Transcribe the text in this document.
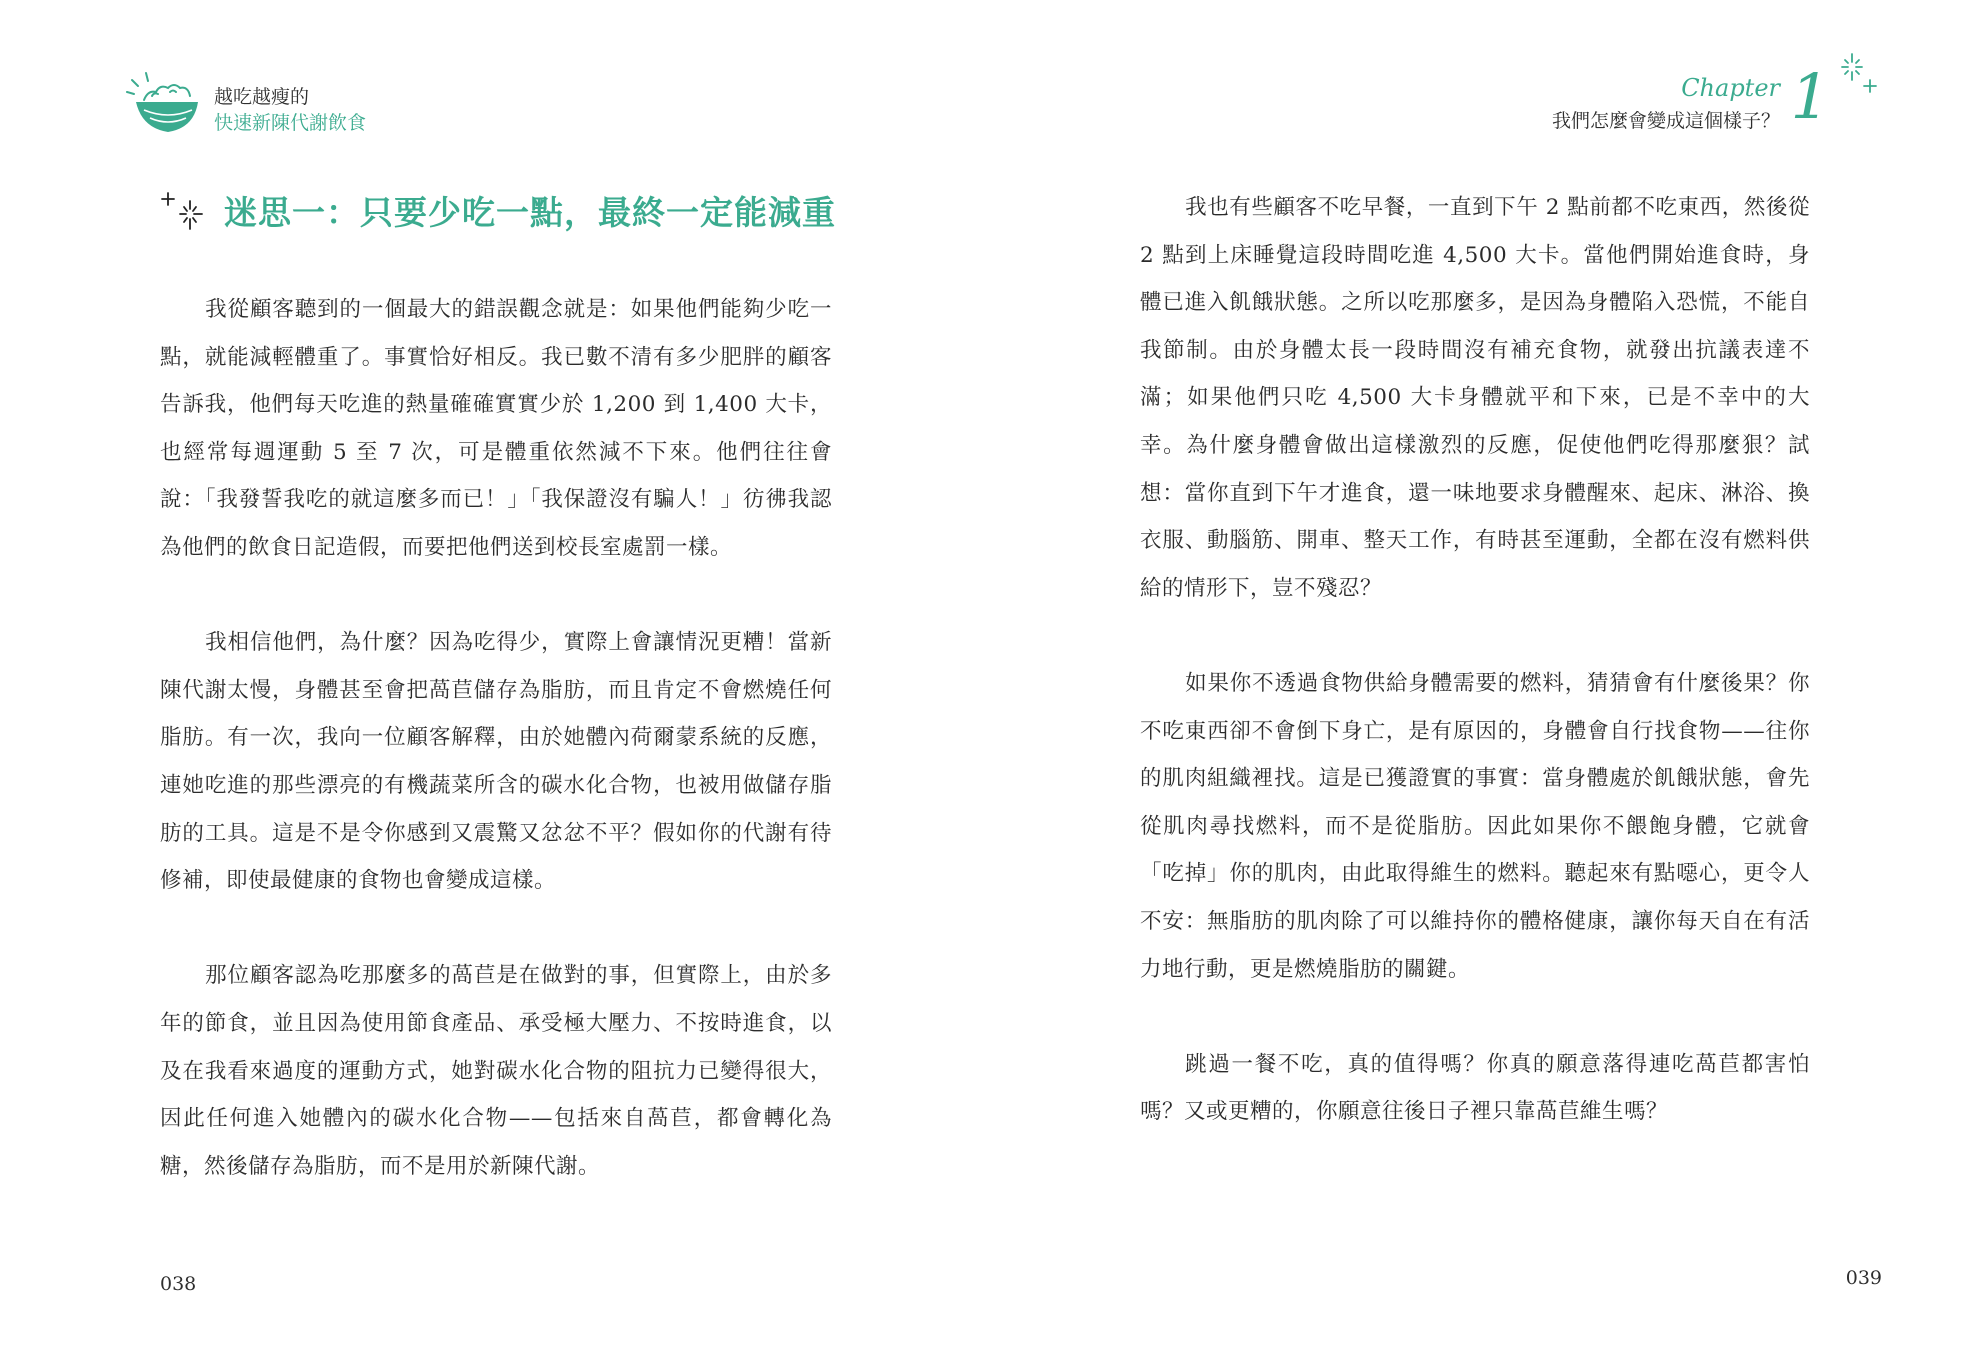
越吃越瘦的
快速新陳代謝飲食
迷思一：只要少吃一點，最終一定能減重

我從顧客聽到的一個最大的錯誤觀念就是：如果他們能夠少吃一點，就能減輕體重了。事實恰好相反。我已數不清有多少肥胖的顧客告訴我，他們每天吃進的熱量確確實實少於 1,200 到 1,400 大卡，也經常每週運動 5 至 7 次，可是體重依然減不下來。他們往往會說：「我發誓我吃的就這麼多而已！」「我保證沒有騙人！」彷彿我認為他們的飲食日記造假，而要把他們送到校長室處罰一樣。

我相信他們，為什麼？因為吃得少，實際上會讓情況更糟！當新陳代謝太慢，身體甚至會把萵苣儲存為脂肪，而且肯定不會燃燒任何脂肪。有一次，我向一位顧客解釋，由於她體內荷爾蒙系統的反應，連她吃進的那些漂亮的有機蔬菜所含的碳水化合物，也被用做儲存脂肪的工具。這是不是令你感到又震驚又忿忿不平？假如你的代謝有待修補，即使最健康的食物也會變成這樣。

那位顧客認為吃那麼多的萵苣是在做對的事，但實際上，由於多年的節食，並且因為使用節食產品、承受極大壓力、不按時進食，以及在我看來過度的運動方式，她對碳水化合物的阻抗力已變得很大，因此任何進入她體內的碳水化合物——包括來自萵苣，都會轉化為糖，然後儲存為脂肪，而不是用於新陳代謝。

038
Chapter 1
我們怎麼會變成這個樣子？

我也有些顧客不吃早餐，一直到下午 2 點前都不吃東西，然後從 2 點到上床睡覺這段時間吃進 4,500 大卡。當他們開始進食時，身體已進入飢餓狀態。之所以吃那麼多，是因為身體陷入恐慌，不能自我節制。由於身體太長一段時間沒有補充食物，就發出抗議表達不滿；如果他們只吃 4,500 大卡身體就平和下來，已是不幸中的大幸。為什麼身體會做出這樣激烈的反應，促使他們吃得那麼狠？試想：當你直到下午才進食，還一味地要求身體醒來、起床、淋浴、換衣服、動腦筋、開車、整天工作，有時甚至運動，全都在沒有燃料供給的情形下，豈不殘忍？

如果你不透過食物供給身體需要的燃料，猜猜會有什麼後果？你不吃東西卻不會倒下身亡，是有原因的，身體會自行找食物——往你的肌肉組織裡找。這是已獲證實的事實：當身體處於飢餓狀態，會先從肌肉尋找燃料，而不是從脂肪。因此如果你不餵飽身體，它就會「吃掉」你的肌肉，由此取得維生的燃料。聽起來有點噁心，更令人不安：無脂肪的肌肉除了可以維持你的體格健康，讓你每天自在有活力地行動，更是燃燒脂肪的關鍵。

跳過一餐不吃，真的值得嗎？你真的願意落得連吃萵苣都害怕嗎？又或更糟的，你願意往後日子裡只靠萵苣維生嗎？

039
